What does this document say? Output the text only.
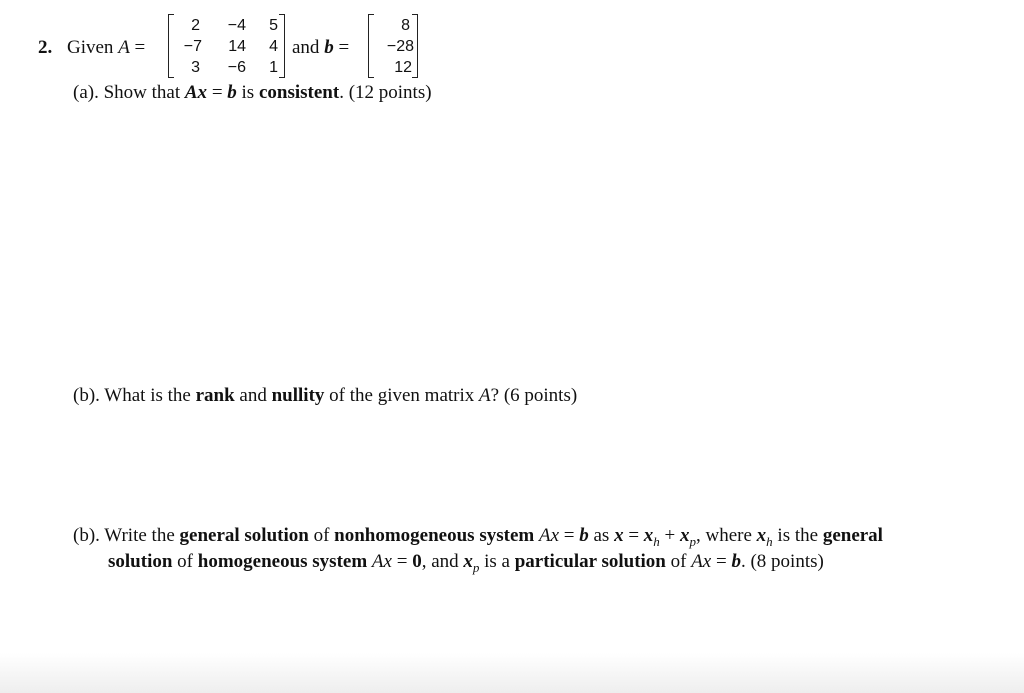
2. Given A =
2	−4	5
−7	14	4
3	−6	1
and b =
8
−28
12
(a). Show that Ax = b is consistent. (12 points)
(b). What is the rank and nullity of the given matrix A? (6 points)
(b). Write the general solution of nonhomogeneous system Ax = b as $x = x_h + x_p$, where $x_h$ is the general
solution of homogeneous system Ax = 0, and $x_p$ is a particular solution of Ax = b. (8 points)
